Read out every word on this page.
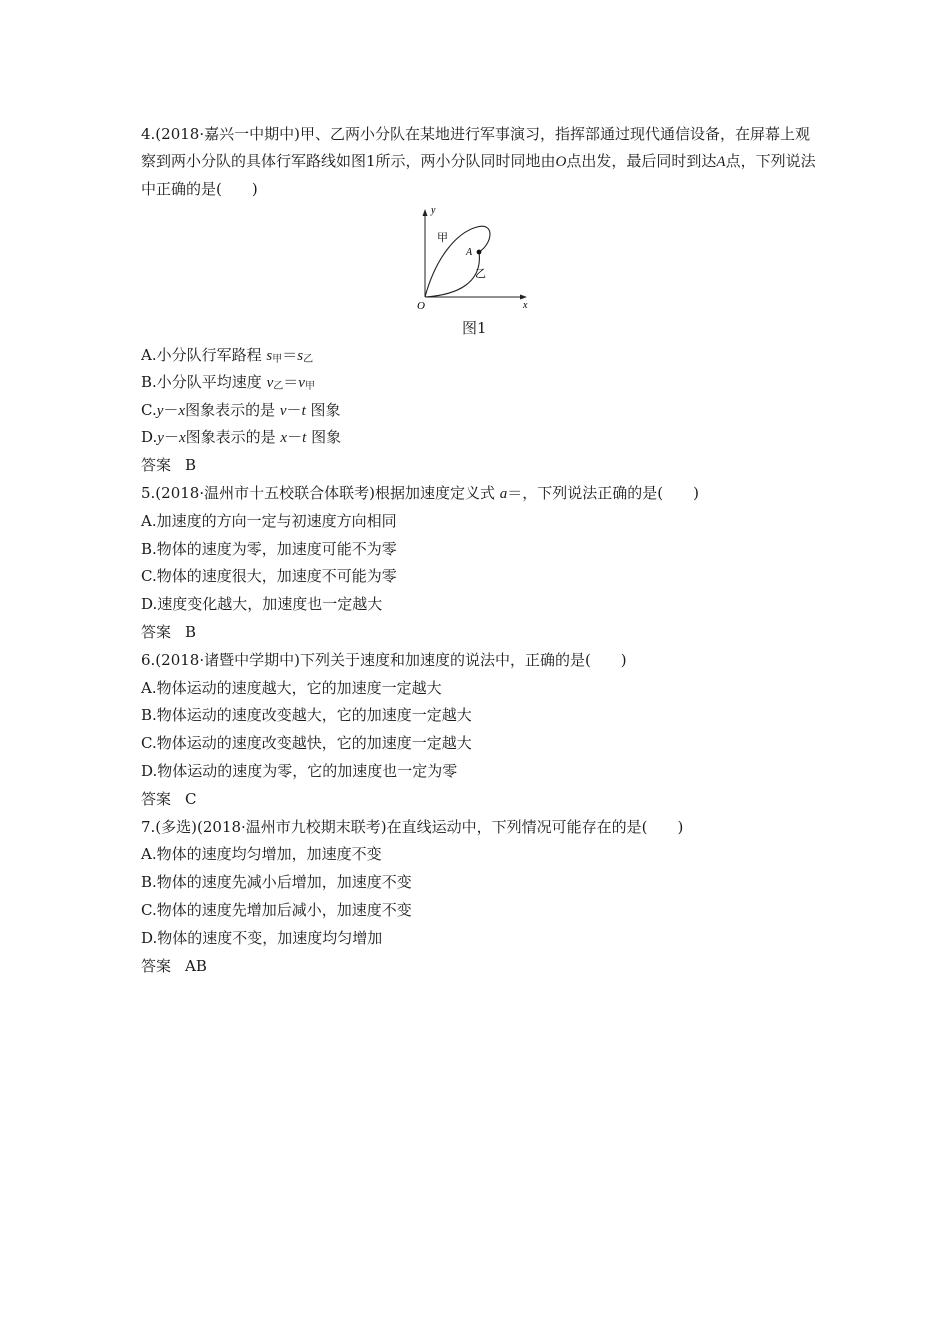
4.(2018·嘉兴一中期中)甲、乙两小分队在某地进行军事演习，指挥部通过现代通信设备，在屏幕上观察到两小分队的具体行军路线如图1所示，两小分队同时同地由O点出发，最后同时到达A点，下列说法中正确的是(　　)
y
x
O
A
甲
乙
图1
A.小分队行军路程 $s_甲=s_乙$
B.小分队平均速度 $v_乙=v_甲$
C.y－x图象表示的是 v－t 图象
D.y－x图象表示的是 x－t 图象
答案 B
5.(2018·温州市十五校联合体联考)根据加速度定义式 a＝，下列说法正确的是(　　)
A.加速度的方向一定与初速度方向相同
B.物体的速度为零，加速度可能不为零
C.物体的速度很大，加速度不可能为零
D.速度变化越大，加速度也一定越大
答案 B
6.(2018·诸暨中学期中)下列关于速度和加速度的说法中，正确的是(　　)
A.物体运动的速度越大，它的加速度一定越大
B.物体运动的速度改变越大，它的加速度一定越大
C.物体运动的速度改变越快，它的加速度一定越大
D.物体运动的速度为零，它的加速度也一定为零
答案 C
7.(多选)(2018·温州市九校期末联考)在直线运动中，下列情况可能存在的是(　　)
A.物体的速度均匀增加，加速度不变
B.物体的速度先减小后增加，加速度不变
C.物体的速度先增加后减小，加速度不变
D.物体的速度不变，加速度均匀增加
答案 AB
